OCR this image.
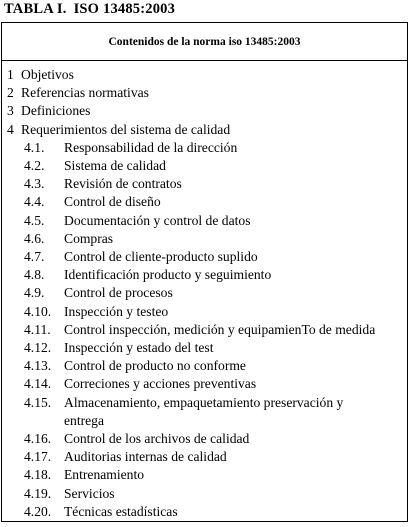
TABLA I. ISO 13485:2003
Contenidos de la norma iso 13485:2003
1 Objetivos
2 Referencias normativas
3 Definiciones
4 Requerimientos del sistema de calidad
4.1.	Responsabilidad de la dirección
4.2.	Sistema de calidad
4.3.	Revisión de contratos
4.4.	Control de diseño
4.5.	Documentación y control de datos
4.6.	Compras
4.7.	Control de cliente-producto suplido
4.8.	Identificación producto y seguimiento
4.9.	Control de procesos
4.10. Inspección y testeo
4.11. Control inspección, medición y equipamienTo de medida
4.12. Inspección y estado del test
4.13. Control de producto no conforme
4.14. Correciones y acciones preventivas
4.15. Almacenamiento, empaquetamiento preservación y entrega
4.16. Control de los archivos de calidad
4.17. Auditorias internas de calidad
4.18. Entrenamiento
4.19. Servicios
4.20. Técnicas estadísticas
